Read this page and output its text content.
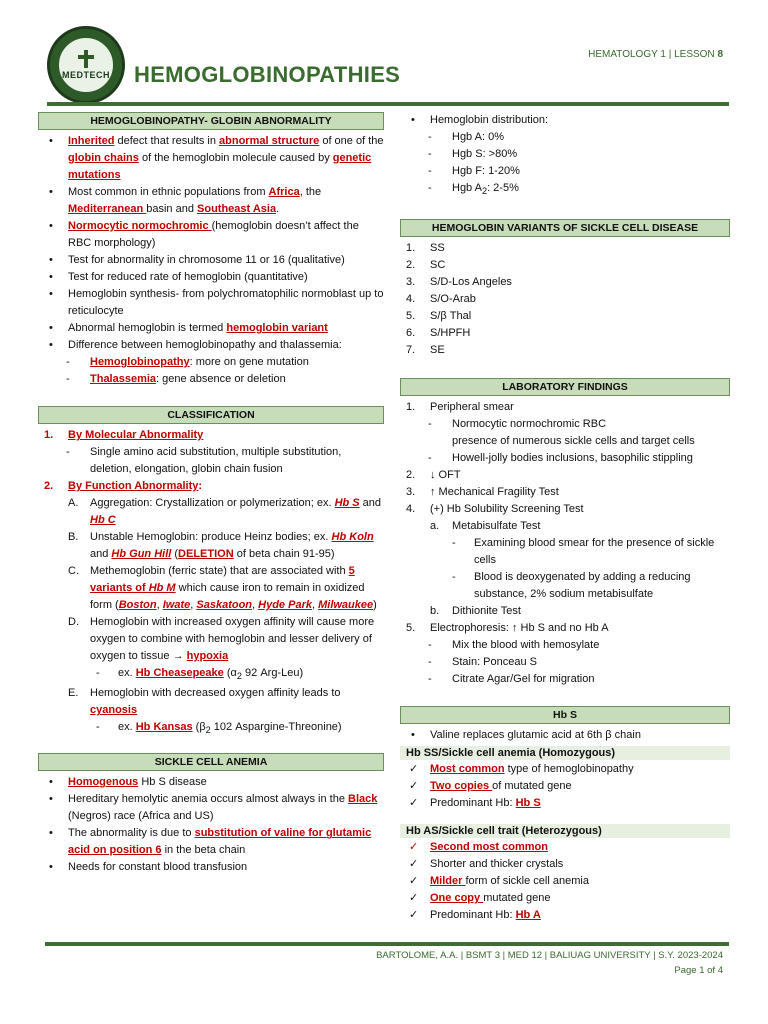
MEDTECH HEMOGLOBINOPATHIES
HEMATOLOGY 1 | LESSON 8
HEMOGLOBINOPATHY- GLOBIN ABNORMALITY
• Inherited defect that results in abnormal structure of one of the globin chains of the hemoglobin molecule caused by genetic mutations
• Most common in ethnic populations from Africa, the Mediterranean basin and Southeast Asia.
• Normocytic normochromic (hemoglobin doesn’t affect the RBC morphology)
• Test for abnormality in chromosome 11 or 16 (qualitative)
• Test for reduced rate of hemoglobin (quantitative)
• Hemoglobin synthesis- from polychromatophilic normoblast up to reticulocyte
• Abnormal hemoglobin is termed hemoglobin variant
• Difference between hemoglobinopathy and thalassemia:
- Hemoglobinopathy: more on gene mutation
- Thalassemia: gene absence or deletion
CLASSIFICATION
1. By Molecular Abnormality
- Single amino acid substitution, multiple substitution, deletion, elongation, globin chain fusion
2. By Function Abnormality:
A. Aggregation: Crystallization or polymerization; ex. Hb S and Hb C
B. Unstable Hemoglobin: produce Heinz bodies; ex. Hb Koln and Hb Gun Hill (DELETION of beta chain 91-95)
C. Methemoglobin (ferric state) that are associated with 5 variants of Hb M which cause iron to remain in oxidized form (Boston, Iwate, Saskatoon, Hyde Park, Milwaukee)
D. Hemoglobin with increased oxygen affinity will cause more oxygen to combine with hemoglobin and lesser delivery of oxygen to tissue → hypoxia
- ex. Hb Cheasepeake ($\alpha_2$ 92 Arg-Leu)
E. Hemoglobin with decreased oxygen affinity leads to cyanosis
- ex. Hb Kansas ($\beta_2$ 102 Aspargine-Threonine)
SICKLE CELL ANEMIA
• Homogenous Hb S disease
• Hereditary hemolytic anemia occurs almost always in the Black (Negros) race (Africa and US)
• The abnormality is due to substitution of valine for glutamic acid on position 6 in the beta chain
• Needs for constant blood transfusion
• Hemoglobin distribution:
- Hgb A: 0%
- Hgb S: >80%
- Hgb F: 1-20%
- Hgb $A_2$: 2-5%
HEMOGLOBIN VARIANTS OF SICKLE CELL DISEASE
1. SS
2. SC
3. S/D-Los Angeles
4. S/O-Arab
5. S/β Thal
6. S/HPFH
7. SE
LABORATORY FINDINGS
1. Peripheral smear
- Normocytic normochromic RBC
presence of numerous sickle cells and target cells
- Howell-jolly bodies inclusions, basophilic stippling
2. ↓ OFT
3. ↑ Mechanical Fragility Test
4. (+) Hb Solubility Screening Test
a. Metabisulfate Test
- Examining blood smear for the presence of sickle cells
- Blood is deoxygenated by adding a reducing substance, 2% sodium metabisulfate
b. Dithionite Test
5. Electrophoresis: ↑ Hb S and no Hb A
- Mix the blood with hemosylate
- Stain: Ponceau S
- Citrate Agar/Gel for migration
Hb S
• Valine replaces glutamic acid at 6th β chain
Hb SS/Sickle cell anemia (Homozygous)
✓ Most common type of hemoglobinopathy
✓ Two copies of mutated gene
✓ Predominant Hb: Hb S
Hb AS/Sickle cell trait (Heterozygous)
✓ Second most common
✓ Shorter and thicker crystals
✓ Milder form of sickle cell anemia
✓ One copy mutated gene
✓ Predominant Hb: Hb A
BARTOLOME, A.A. | BSMT 3 | MED 12 | BALIUAG UNIVERSITY | S.Y. 2023-2024
Page 1 of 4
